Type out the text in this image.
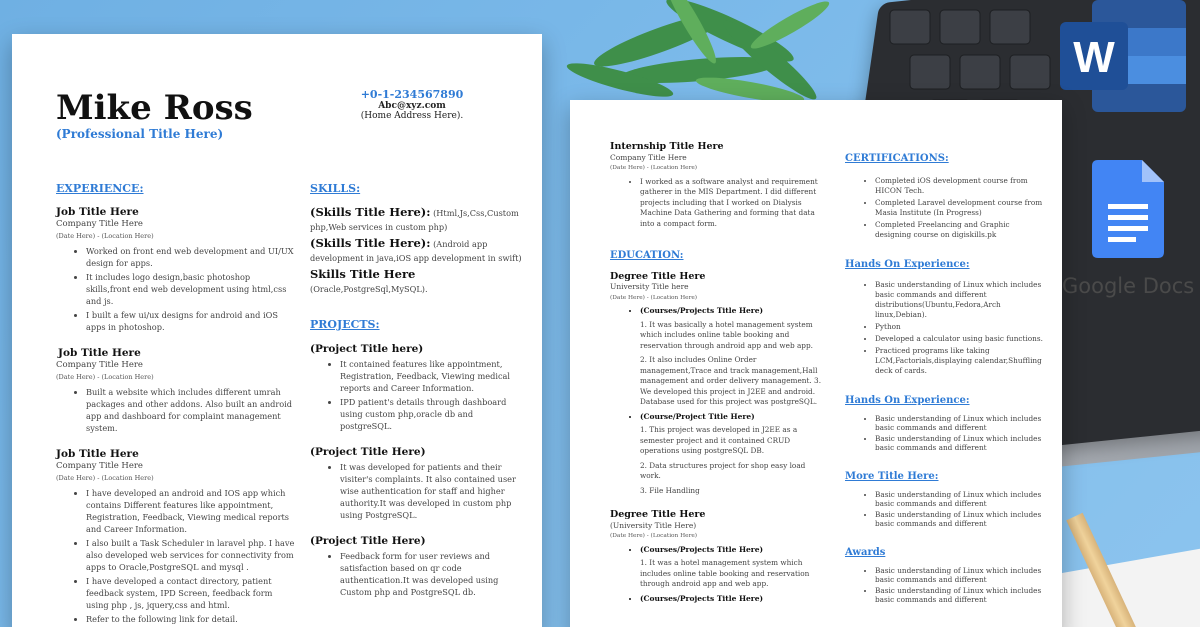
W
Google Docs
Mike Ross
(Professional Title Here)
+0-1-234567890
Abc@xyz.com
(Home Address Here).
EXPERIENCE:
Job Title Here
Company Title Here
(Date Here) - (Location Here)
• Worked on front end web development and UI/UX design for apps.
• It includes logo design,basic photoshop skills,front end web development using html,css and js.
• I built a few ui/ux designs for android and iOS apps in photoshop.
Job Title Here
Company Title Here
(Date Here) - (Location Here)
• Built a website which includes different umrah packages and other addons. Also built an android app and dashboard for complaint management system.
Job Title Here
Company Title Here
(Date Here) - (Location Here)
• I have developed an android and IOS app which contains Different features like appointment, Registration, Feedback, Viewing medical reports and Career Information.
• I also built a Task Scheduler in laravel php. I have also developed web services for connectivity from apps to Oracle,PostgreSQL and mysql .
• I have developed a contact directory, patient feedback system, IPD Screen, feedback form using php , js, jquery,css and html.
• Refer to the following link for detail.
SKILLS:
(Skills Title Here): (Html,Js,Css,Custom php,Web services in custom php)
(Skills Title Here): (Android app development in java,iOS app development in swift)
Skills Title Here (Oracle,PostgreSql,MySQL).
PROJECTS:
(Project Title here)
• It contained features like appointment, Registration, Feedback, Viewing medical reports and Career Information.
• IPD patient's details through dashboard using custom php,oracle db and postgreSQL.
(Project Title Here)
• It was developed for patients and their visiter's complaints. It also contained user wise authentication for staff and higher authority.It was developed in custom php using PostgreSQL.
(Project Title Here)
• Feedback form for user reviews and satisfaction based on qr code authentication.It was developed using Custom php and PostgreSQL db.
Internship Title Here
Company Title Here
(Date Here) - (Location Here)
• I worked as a software analyst and requirement gatherer in the MIS Department. I did different projects including that I worked on Dialysis Machine Data Gathering and forming that data into a compact form.
EDUCATION:
Degree Title Here
University Title here
(Date Here) - (Location Here)
• (Courses/Projects Title Here)
1. It was basically a hotel management system which includes online table booking and reservation through android app and web app.
2. It also includes Online Order management,Trace and track management,Hall management and order delivery management. 3. We developed this project in J2EE and android. Database used for this project was postgreSQL.
• (Course/Project Title Here)
1. This project was developed in J2EE as a semester project and it contained CRUD operations using postgreSQL DB.
2. Data structures project for shop easy load work.
3. File Handling
Degree Title Here
(University Title Here)
(Date Here) - (Location Here)
• (Courses/Projects Title Here)
1. It was a hotel management system which includes online table booking and reservation through android app and web app.
• (Courses/Projects Title Here)
CERTIFICATIONS:
• Completed iOS development course from HICON Tech.
• Completed Laravel development course from Masia Institute (In Progress)
• Completed Freelancing and Graphic designing course on digiskills.pk
Hands On Experience:
• Basic understanding of Linux which includes basic commands and different distributions(Ubuntu,Fedora,Arch linux,Debian).
• Python
• Developed a calculator using basic functions.
• Practiced programs like taking LCM,Factorials,displaying calendar,Shuffling deck of cards.
Hands On Experience:
• Basic understanding of Linux which includes basic commands and different
• Basic understanding of Linux which includes basic commands and different
More Title Here:
• Basic understanding of Linux which includes basic commands and different
• Basic understanding of Linux which includes basic commands and different
Awards
• Basic understanding of Linux which includes basic commands and different
• Basic understanding of Linux which includes basic commands and different
